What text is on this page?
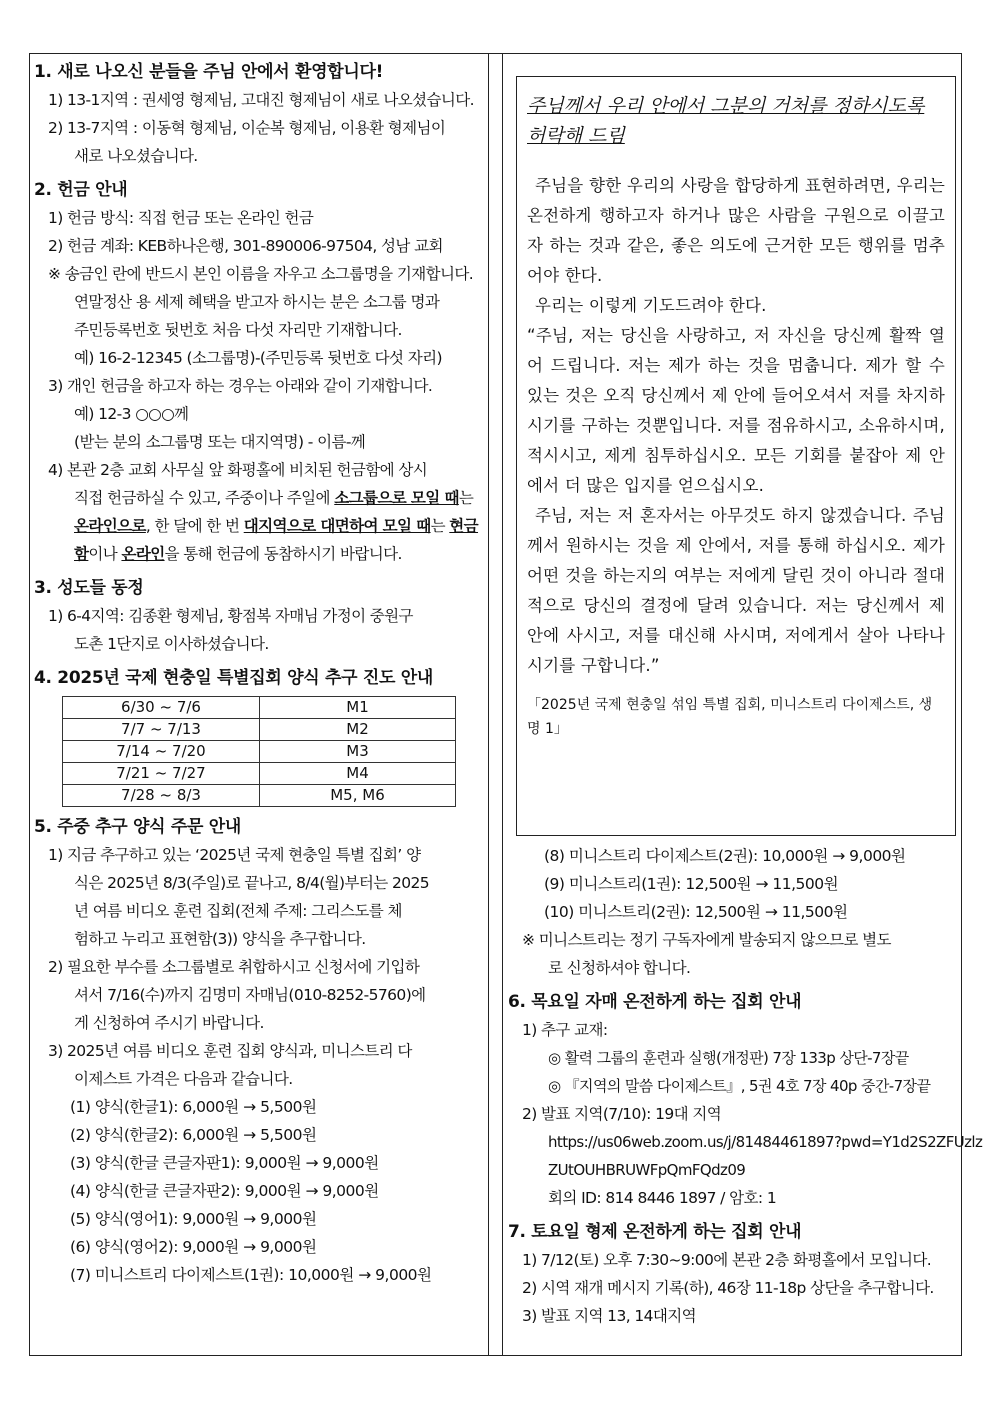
1. 새로 나오신 분들을 주님 안에서 환영합니다!
1) 13-1지역 : 권세영 형제님, 고대진 형제님이 새로 나오셨습니다.
2) 13-7지역 : 이동혁 형제님, 이순복 형제님, 이용환 형제님이
새로 나오셨습니다.
2. 헌금 안내
1) 헌금 방식: 직접 헌금 또는 온라인 헌금
2) 헌금 계좌: KEB하나은행, 301-890006-97504, 성남 교회
※ 송금인 란에 반드시 본인 이름을 자우고 소그룹명을 기재합니다.
연말정산 용 세제 혜택을 받고자 하시는 분은 소그룹 명과
주민등록번호 뒷번호 처음 다섯 자리만 기재합니다.
예) 16-2-12345 (소그룹명)-(주민등록 뒷번호 다섯 자리)
3) 개인 헌금을 하고자 하는 경우는 아래와 같이 기재합니다.
예) 12-3 ○○○께
(받는 분의 소그룹명 또는 대지역명) - 이름-께
4) 본관 2층 교회 사무실 앞 화평홀에 비치된 헌금함에 상시
직접 헌금하실 수 있고, 주중이나 주일에 소그룹으로 모일 때는
온라인으로, 한 달에 한 번 대지역으로 대면하여 모일 때는 현금
함이나 온라인을 통해 헌금에 동참하시기 바랍니다.
3. 성도들 동정
1) 6-4지역: 김종환 형제님, 황점복 자매님 가정이 중원구
도촌 1단지로 이사하셨습니다.
4. 2025년 국제 현충일 특별집회 양식 추구 진도 안내
6/30 ~ 7/6	M1
7/7 ~ 7/13	M2
7/14 ~ 7/20	M3
7/21 ~ 7/27	M4
7/28 ~ 8/3	M5, M6
5. 주중 추구 양식 주문 안내
1) 지금 추구하고 있는 ‘2025년 국제 현충일 특별 집회’ 양
식은 2025년 8/3(주일)로 끝나고, 8/4(월)부터는 2025
년 여름 비디오 훈련 집회(전체 주제: 그리스도를 체
험하고 누리고 표현함(3)) 양식을 추구합니다.
2) 필요한 부수를 소그룹별로 취합하시고 신청서에 기입하
셔서 7/16(수)까지 김명미 자매님(010-8252-5760)에
게 신청하여 주시기 바랍니다.
3) 2025년 여름 비디오 훈련 집회 양식과, 미니스트리 다
이제스트 가격은 다음과 같습니다.
(1) 양식(한글1): 6,000원 → 5,500원
(2) 양식(한글2): 6,000원 → 5,500원
(3) 양식(한글 큰글자판1): 9,000원 → 9,000원
(4) 양식(한글 큰글자판2): 9,000원 → 9,000원
(5) 양식(영어1): 9,000원 → 9,000원
(6) 양식(영어2): 9,000원 → 9,000원
(7) 미니스트리 다이제스트(1권): 10,000원 → 9,000원
주님께서 우리 안에서 그분의 거처를 정하시도록 허락해 드림
주님을 향한 우리의 사랑을 합당하게 표현하려면, 우리는 온전하게 행하고자 하거나 많은 사람을 구원으로 이끌고자 하는 것과 같은, 좋은 의도에 근거한 모든 행위를 멈추어야 한다.
우리는 이렇게 기도드려야 한다.
“주님, 저는 당신을 사랑하고, 저 자신을 당신께 활짝 열어 드립니다. 저는 제가 하는 것을 멈춥니다. 제가 할 수 있는 것은 오직 당신께서 제 안에 들어오셔서 저를 차지하시기를 구하는 것뿐입니다. 저를 점유하시고, 소유하시며, 적시시고, 제게 침투하십시오. 모든 기회를 붙잡아 제 안에서 더 많은 입지를 얻으십시오.
주님, 저는 저 혼자서는 아무것도 하지 않겠습니다. 주님께서 원하시는 것을 제 안에서, 저를 통해 하십시오. 제가 어떤 것을 하는지의 여부는 저에게 달린 것이 아니라 절대적으로 당신의 결정에 달려 있습니다. 저는 당신께서 제 안에 사시고, 저를 대신해 사시며, 저에게서 살아 나타나시기를 구합니다.”
「2025년 국제 현충일 섞임 특별 집회, 미니스트리 다이제스트, 생명 1」
(8) 미니스트리 다이제스트(2권): 10,000원 → 9,000원
(9) 미니스트리(1권): 12,500원 → 11,500원
(10) 미니스트리(2권): 12,500원 → 11,500원
※ 미니스트리는 정기 구독자에게 발송되지 않으므로 별도
로 신청하셔야 합니다.
6. 목요일 자매 온전하게 하는 집회 안내
1) 추구 교재:
◎ 활력 그룹의 훈련과 실행(개정판) 7장 133p 상단-7장끝
◎ 『지역의 말씀 다이제스트』, 5권 4호 7장 40p 중간-7장끝
2) 발표 지역(7/10): 19대 지역
https://us06web.zoom.us/j/81484461897?pwd=Y1d2S2ZFUzlz
ZUtOUHBRUWFpQmFQdz09
회의 ID: 814 8446 1897 / 암호: 1
7. 토요일 형제 온전하게 하는 집회 안내
1) 7/12(토) 오후 7:30~9:00에 본관 2층 화평홀에서 모입니다.
2) 시역 재개 메시지 기록(하), 46장 11-18p 상단을 추구합니다.
3) 발표 지역 13, 14대지역
